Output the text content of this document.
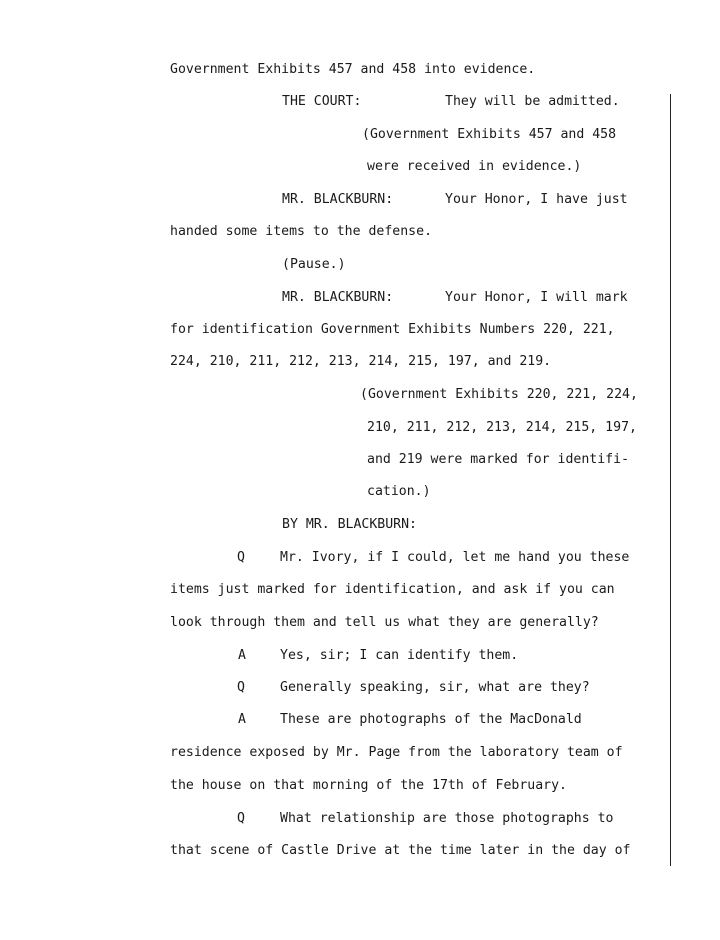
Government Exhibits 457 and 458 into evidence.

THE COURT:	They will be admitted.

(Government Exhibits 457 and 458

were received in evidence.)

MR. BLACKBURN:	Your Honor, I have just

handed some items to the defense.

(Pause.)

MR. BLACKBURN:	Your Honor, I will mark

for identification Government Exhibits Numbers 220, 221,

224, 210, 211, 212, 213, 214, 215, 197, and 219.

(Government Exhibits 220, 221, 224,

210, 211, 212, 213, 214, 215, 197,

and 219 were marked for identifi-

cation.)

BY MR. BLACKBURN:

Q	Mr. Ivory, if I could, let me hand you these

items just marked for identification, and ask if you can

look through them and tell us what they are generally?

A	Yes, sir; I can identify them.

Q	Generally speaking, sir, what are they?

A	These are photographs of the MacDonald

residence exposed by Mr. Page from the laboratory team of

the house on that morning of the 17th of February.

Q	What relationship are those photographs to

that scene of Castle Drive at the time later in the day of
